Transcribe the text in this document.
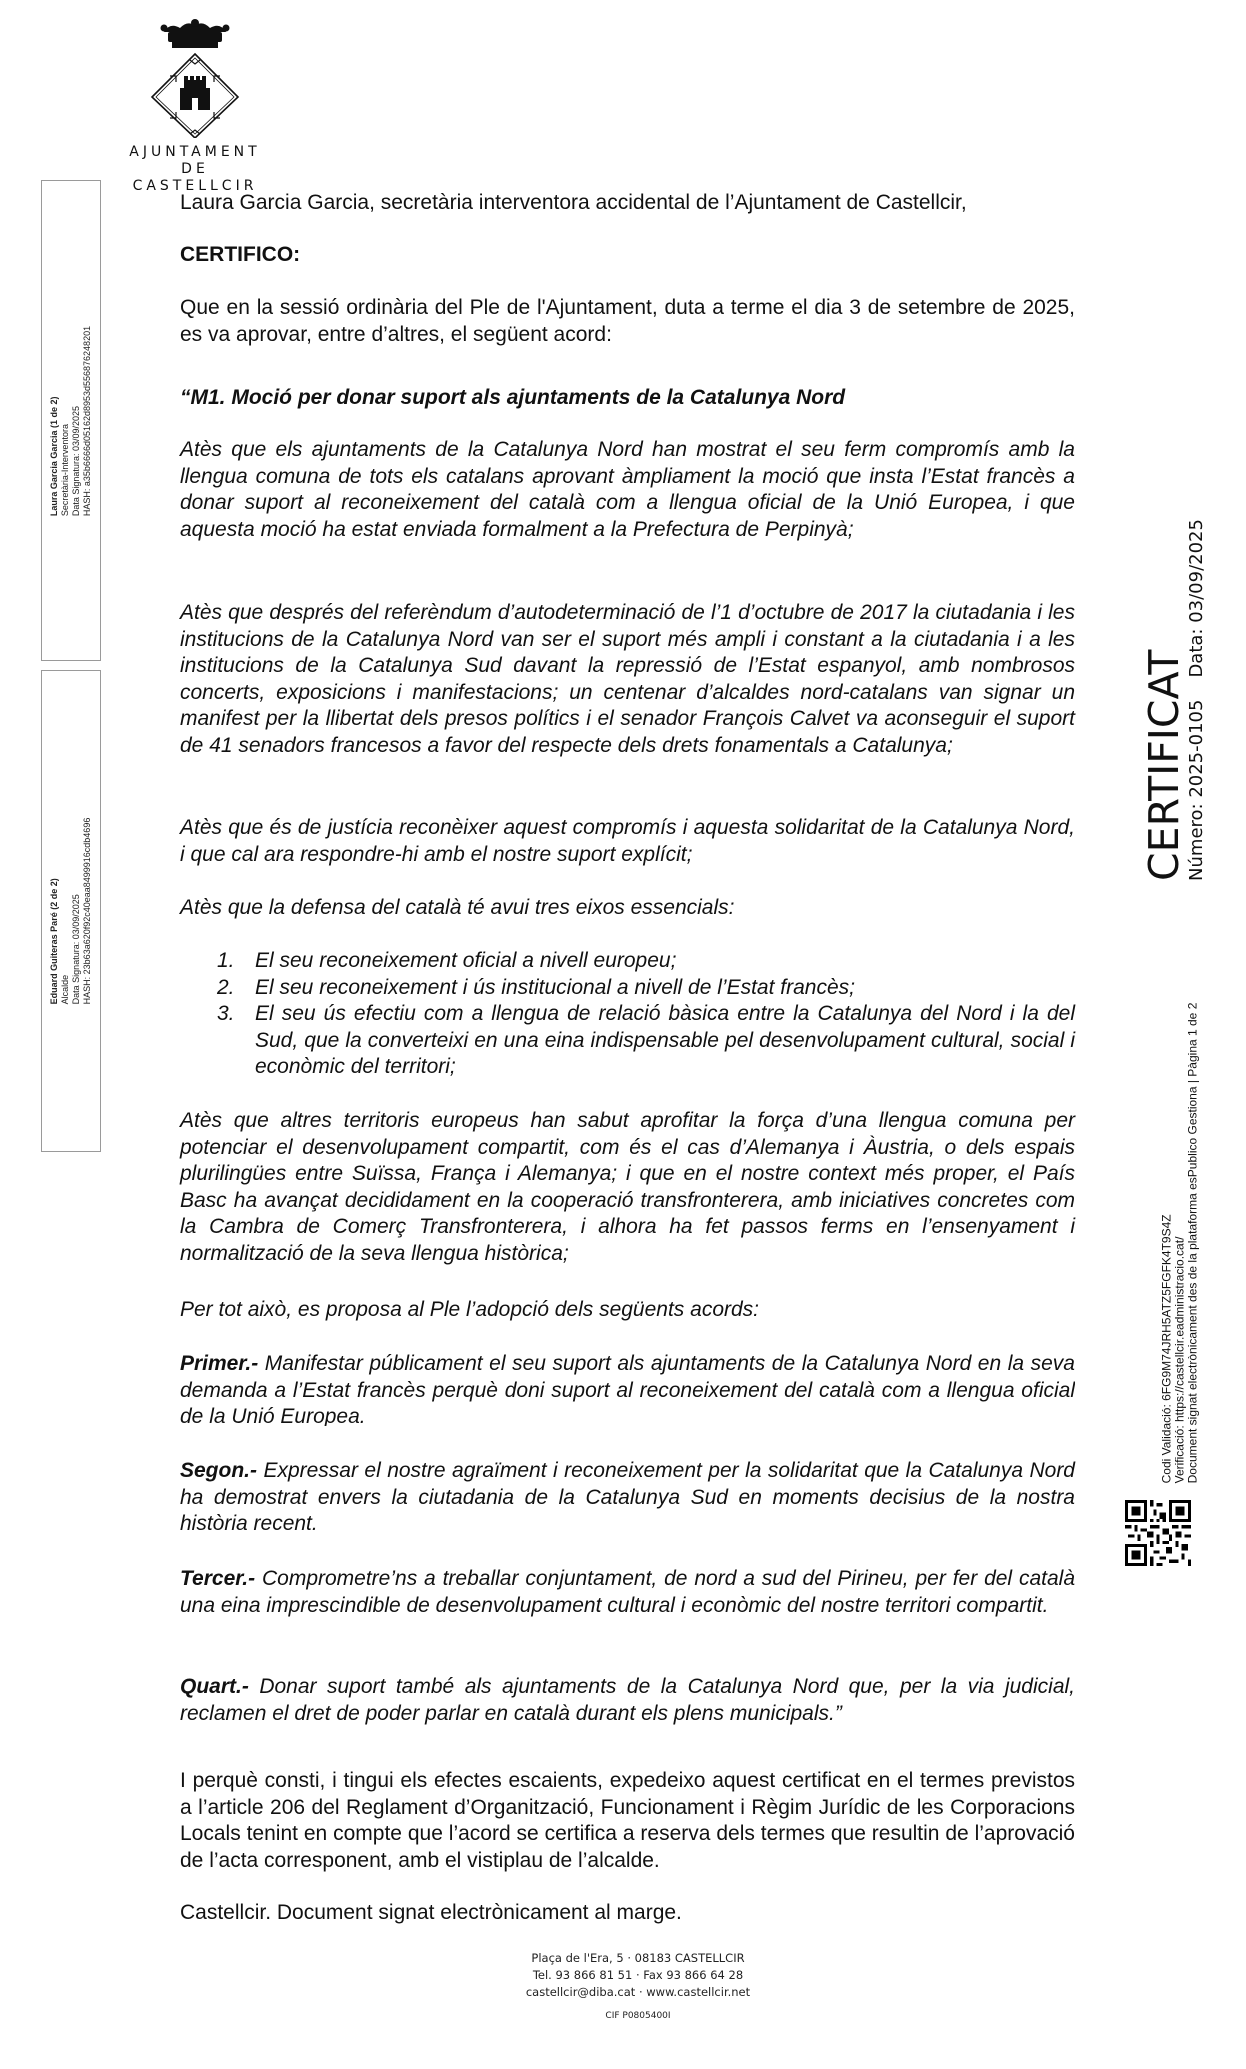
AJUNTAMENT
DE
CASTELLCIR
Laura Garcia Garcia (1 de 2) Secretària-Interventora Data Signatura: 03/09/2025 HASH: a35b6666d05162d8953d556876248201
Eduard Guiteras Paré (2 de 2) Alcalde Data Signatura: 03/09/2025 HASH: 23b63a620f92c40eaa8499916cdb4696
CERTIFICAT
Número: 2025-0105Data: 03/09/2025
Codi Validació: 6FG9M74JRH5ATZ5FGFK4T9S4Z Verificació: https://castellcir.eadministracio.cat/ Document signat electrònicament des de la plataforma esPublico Gestiona | Pàgina 1 de 2

Laura Garcia Garcia, secretària interventora accidental de l’Ajuntament de Castellcir,

CERTIFICO:

Que en la sessió ordinària del Ple de l'Ajuntament, duta a terme el dia 3 de setembre de 2025, es va aprovar, entre d’altres, el següent acord:

“M1. Moció per donar suport als ajuntaments de la Catalunya Nord

Atès que els ajuntaments de la Catalunya Nord han mostrat el seu ferm compromís amb la llengua comuna de tots els catalans aprovant àmpliament la moció que insta l’Estat francès a donar suport al reconeixement del català com a llengua oficial de la Unió Europea, i que aquesta moció ha estat enviada formalment a la Prefectura de Perpinyà;

Atès que després del referèndum d’autodeterminació de l’1 d’octubre de 2017 la ciutadania i les institucions de la Catalunya Nord van ser el suport més ampli i constant a la ciutadania i a les institucions de la Catalunya Sud davant la repressió de l’Estat espanyol, amb nombrosos concerts, exposicions i manifestacions; un centenar d’alcaldes nord-catalans van signar un manifest per la llibertat dels presos polítics i el senador François Calvet va aconseguir el suport de 41 senadors francesos a favor del respecte dels drets fonamentals a Catalunya;

Atès que és de justícia reconèixer aquest compromís i aquesta solidaritat de la Catalunya Nord, i que cal ara respondre-hi amb el nostre suport explícit;

Atès que la defensa del català té avui tres eixos essencials:

1. El seu reconeixement oficial a nivell europeu;
2. El seu reconeixement i ús institucional a nivell de l’Estat francès;
3. El seu ús efectiu com a llengua de relació bàsica entre la Catalunya del Nord i la del Sud, que la converteixi en una eina indispensable pel desenvolupament cultural, social i econòmic del territori;

Atès que altres territoris europeus han sabut aprofitar la força d’una llengua comuna per potenciar el desenvolupament compartit, com és el cas d’Alemanya i Àustria, o dels espais plurilingües entre Suïssa, França i Alemanya; i que en el nostre context més proper, el País Basc ha avançat decididament en la cooperació transfronterera, amb iniciatives concretes com la Cambra de Comerç Transfronterera, i alhora ha fet passos ferms en l’ensenyament i normalització de la seva llengua històrica;

Per tot això, es proposa al Ple l’adopció dels següents acords:

Primer.- Manifestar públicament el seu suport als ajuntaments de la Catalunya Nord en la seva demanda a l’Estat francès perquè doni suport al reconeixement del català com a llengua oficial de la Unió Europea.

Segon.- Expressar el nostre agraïment i reconeixement per la solidaritat que la Catalunya Nord ha demostrat envers la ciutadania de la Catalunya Sud en moments decisius de la nostra història recent.

Tercer.- Comprometre’ns a treballar conjuntament, de nord a sud del Pirineu, per fer del català una eina imprescindible de desenvolupament cultural i econòmic del nostre territori compartit.

Quart.- Donar suport també als ajuntaments de la Catalunya Nord que, per la via judicial, reclamen el dret de poder parlar en català durant els plens municipals.”

I perquè consti, i tingui els efectes escaients, expedeixo aquest certificat en el termes previstos a l’article 206 del Reglament d’Organització, Funcionament i Règim Jurídic de les Corporacions Locals tenint en compte que l’acord se certifica a reserva dels termes que resultin de l’aprovació de l’acta corresponent, amb el vistiplau de l’alcalde.

Castellcir. Document signat electrònicament al marge.

Plaça de l'Era, 5 · 08183 CASTELLCIR
Tel. 93 866 81 51 · Fax 93 866 64 28
castellcir@diba.cat · www.castellcir.net
CIF P0805400I
